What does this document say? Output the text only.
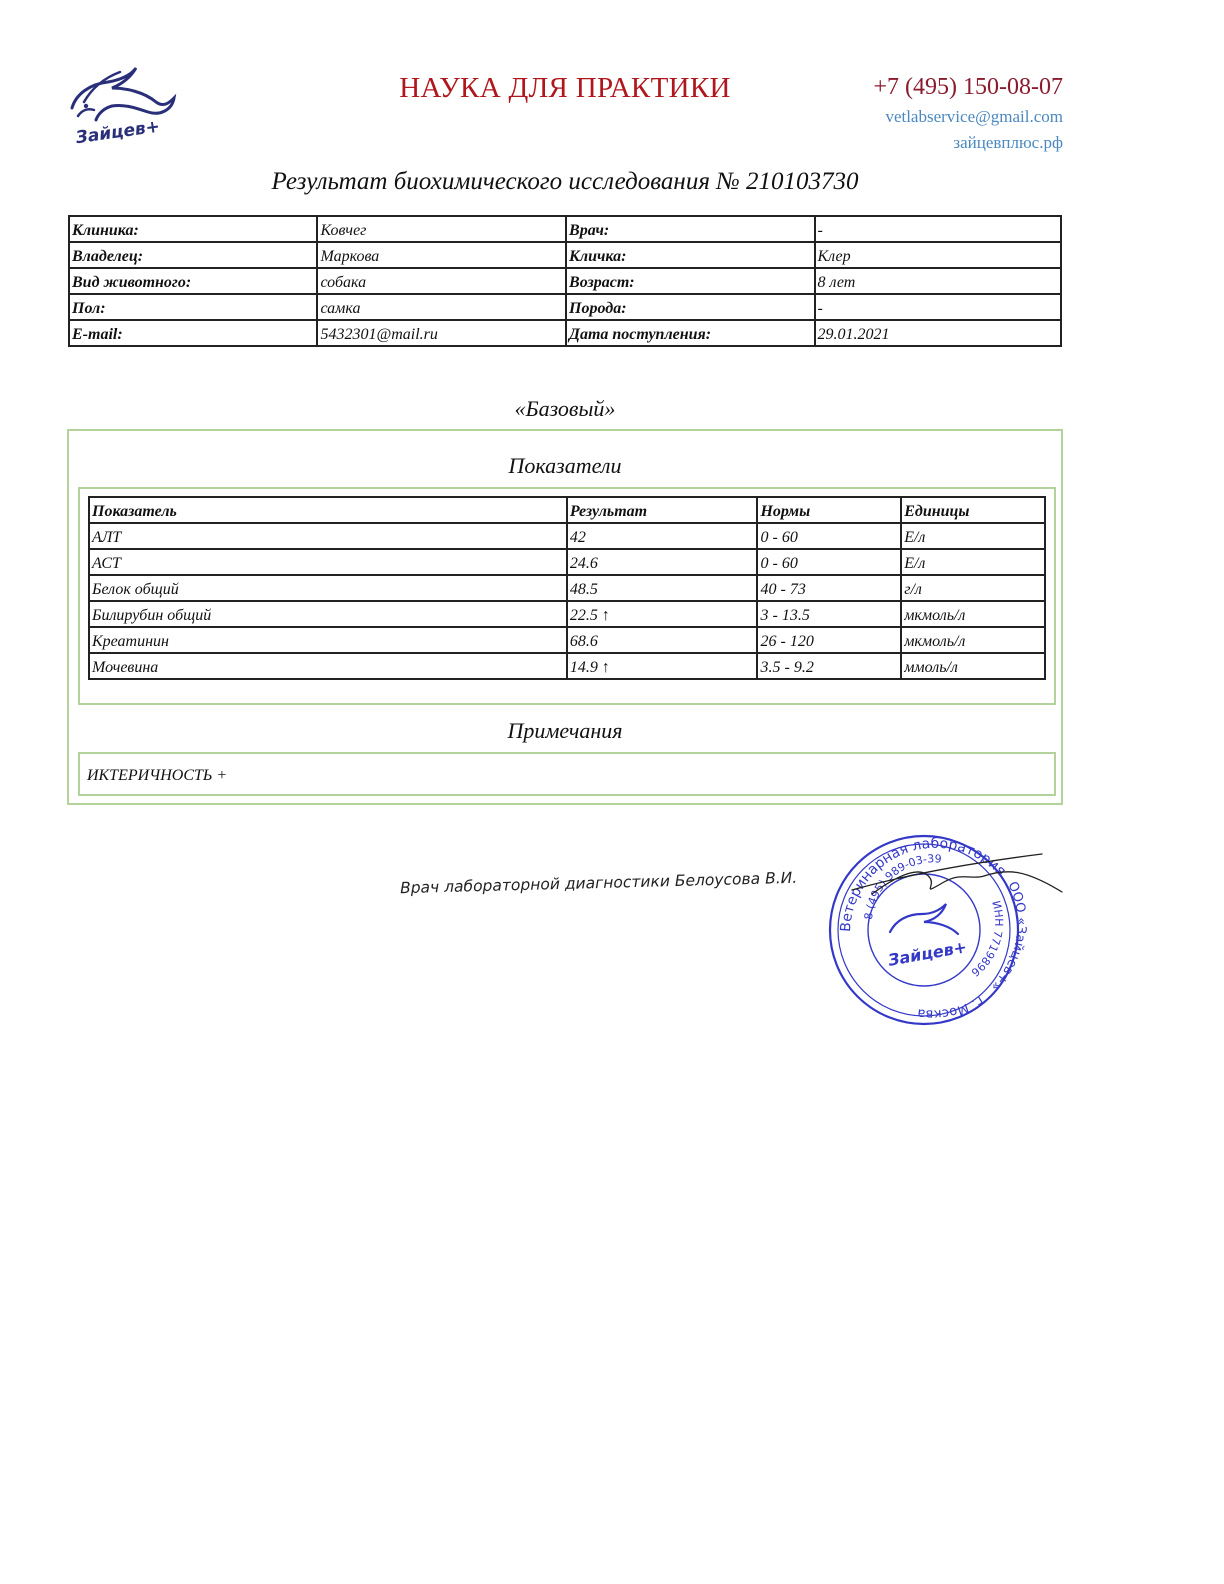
Зайцев+
НАУКА ДЛЯ ПРАКТИКИ	+7 (495) 150-08-07
vetlabservice@gmail.com
зайцевплюс.рф
Результат биохимического исследования № 210103730
Клиника:	Ковчег	Врач:	-
Владелец:	Маркова	Кличка:	Клер
Вид животного:	собака	Возраст:	8 лет
Пол:	самка	Порода:	-
E-mail:	5432301@mail.ru	Дата поступления:	29.01.2021
«Базовый»
Показатели
Показатель	Результат	Нормы	Единицы
АЛТ	42	0 - 60	Е/л
АСТ	24.6	0 - 60	Е/л
Белок общий	48.5	40 - 73	г/л
Билирубин общий	22.5 ↑	3 - 13.5	мкмоль/л
Креатинин	68.6	26 - 120	мкмоль/л
Мочевина	14.9 ↑	3.5 - 9.2	ммоль/л
Примечания
ИКТЕРИЧНОСТЬ +
Врач лабораторной диагностики Белоусова В.И.
Ветеринарная лаборатория
ООО «Зайцев+»
г. Москва
8 (495) 989-03-39
ИНН 7719896
Зайцев+
